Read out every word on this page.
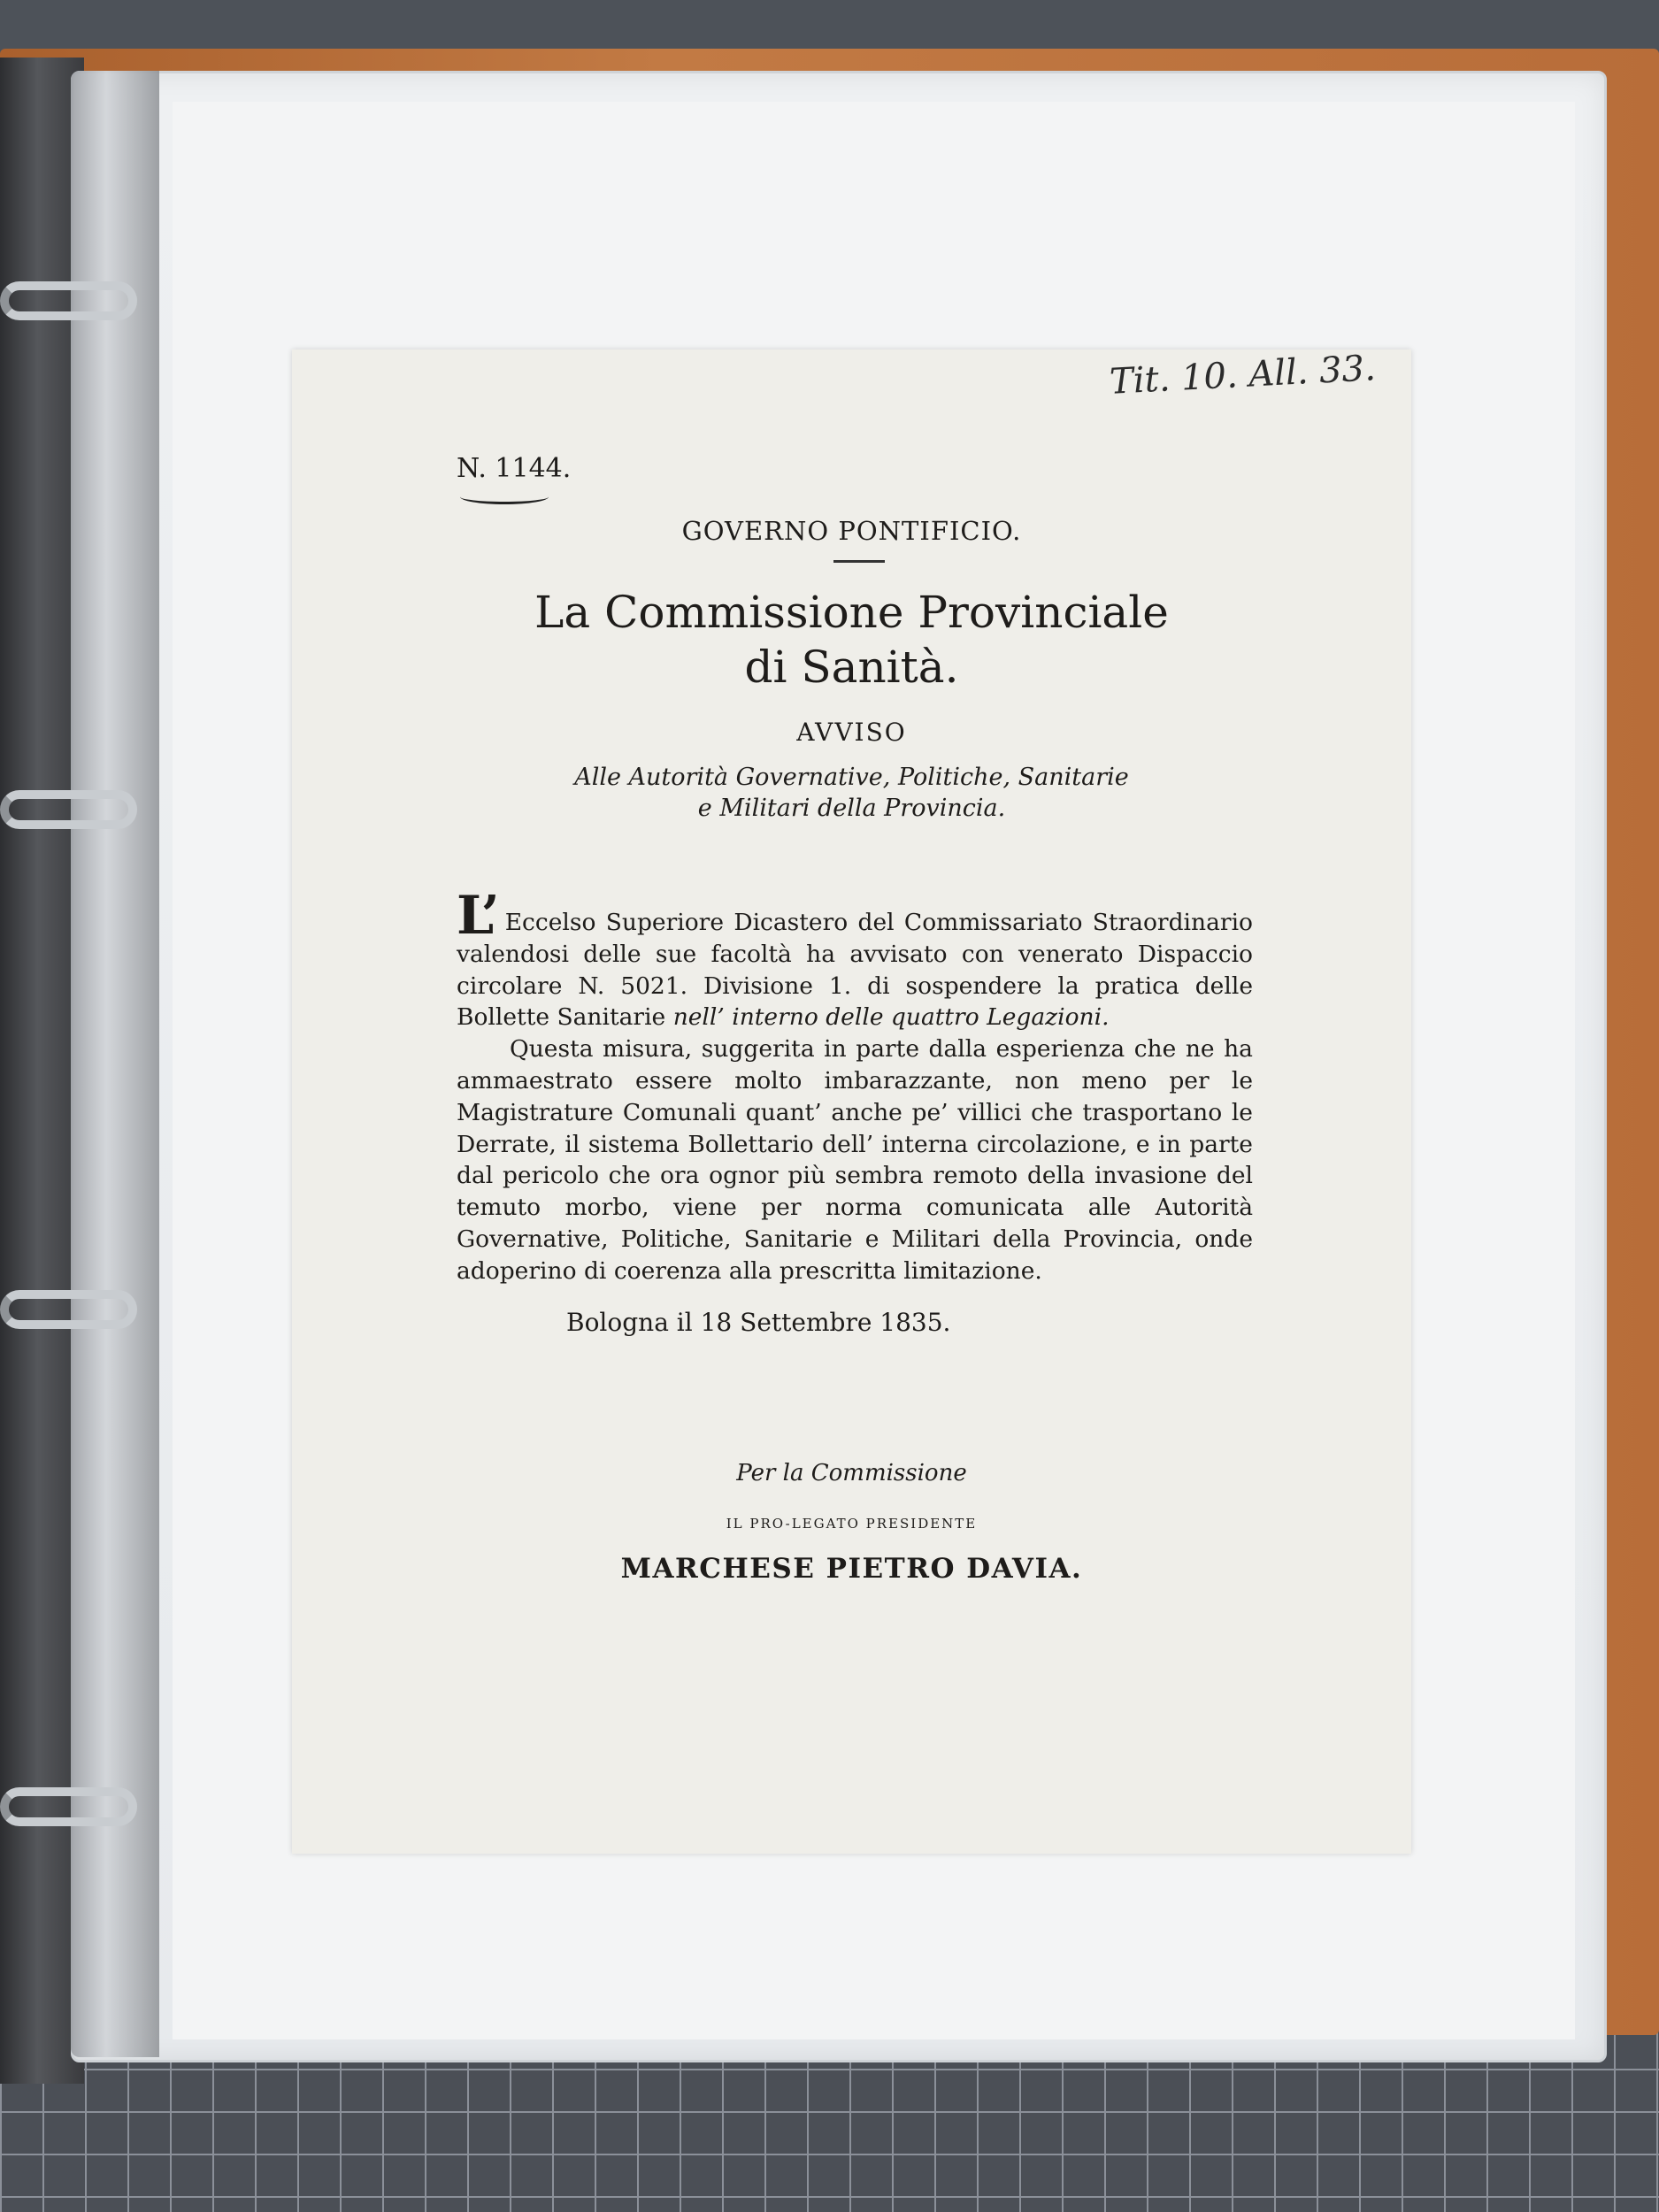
Tit. 10. All. 33.
N. 1144.
GOVERNO PONTIFICIO.
La Commissione Provinciale
di Sanità.
AVVISO
Alle Autorità Governative, Politiche, Sanitarie
e Militari della Provincia.

L’ Eccelso Superiore Dicastero del Commissariato Straordinario valendosi delle sue facoltà ha avvisato con venerato Dispaccio circolare N. 5021. Divisione 1. di sospendere la pratica delle Bollette Sanitarie nell’ interno delle quattro Legazioni.

Questa misura, suggerita in parte dalla esperienza che ne ha ammaestrato essere molto imbarazzante, non meno per le Magistrature Comunali quant’ anche pe’ villici che trasportano le Derrate, il sistema Bollettario dell’ interna circolazione, e in parte dal pericolo che ora ognor più sembra remoto della invasione del temuto morbo, viene per norma comunicata alle Autorità Governative, Politiche, Sanitarie e Militari della Provincia, onde adoperino di coerenza alla prescritta limitazione.

Bologna il 18 Settembre 1835.
Per la Commissione
IL PRO-LEGATO PRESIDENTE
MARCHESE PIETRO DAVIA.
